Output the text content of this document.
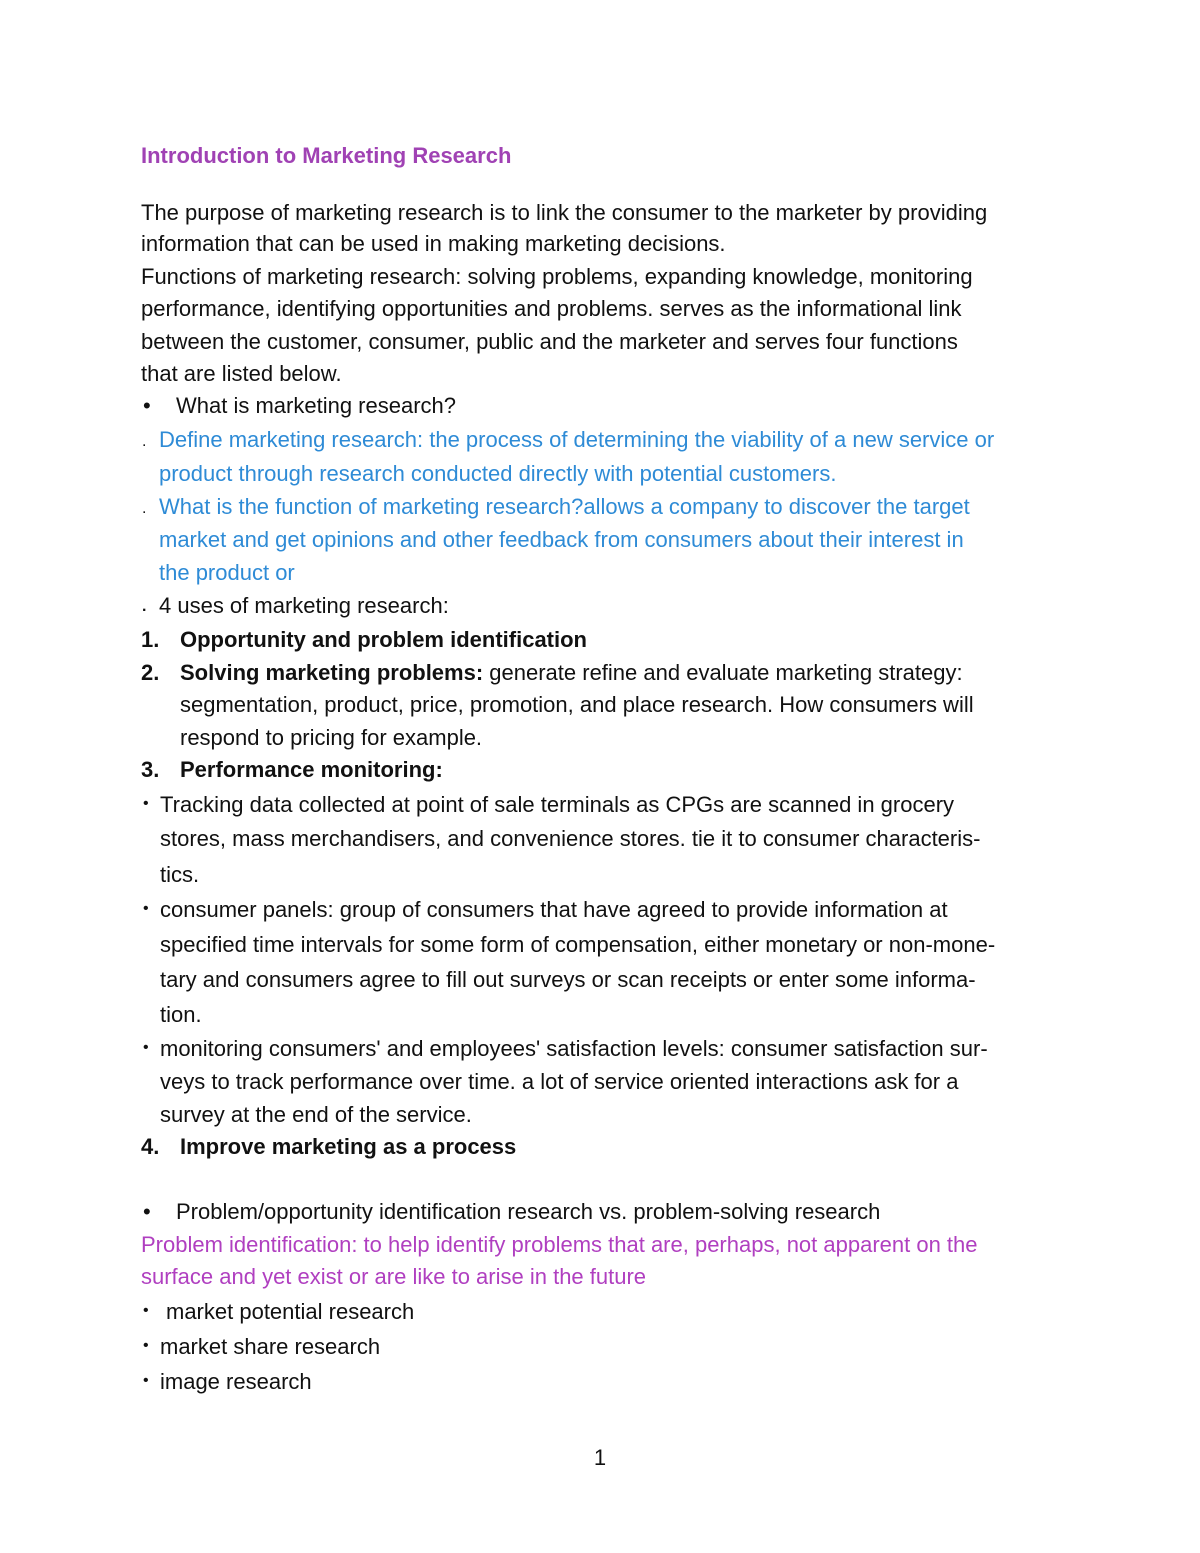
Introduction to Marketing Research
The purpose of marketing research is to link the consumer to the marketer by providing
information that can be used in making marketing decisions.
Functions of marketing research: solving problems, expanding knowledge, monitoring
performance, identifying opportunities and problems. serves as the informational link
between the customer, consumer, public and the marketer and serves four functions
that are listed below.
• What is marketing research?
. Define marketing research: the process of determining the viability of a new service or
product through research conducted directly with potential customers.
. What is the function of marketing research?allows a company to discover the target
market and get opinions and other feedback from consumers about their interest in
the product or
. 4 uses of marketing research:
1. Opportunity and problem identification
2. Solving marketing problems: generate refine and evaluate marketing strategy:
segmentation, product, price, promotion, and place research. How consumers will
respond to pricing for example.
3. Performance monitoring:
• Tracking data collected at point of sale terminals as CPGs are scanned in grocery
stores, mass merchandisers, and convenience stores. tie it to consumer characteris-
tics.
• consumer panels: group of consumers that have agreed to provide information at
specified time intervals for some form of compensation, either monetary or non-mone-
tary and consumers agree to fill out surveys or scan receipts or enter some informa-
tion.
• monitoring consumers' and employees' satisfaction levels: consumer satisfaction sur-
veys to track performance over time. a lot of service oriented interactions ask for a
survey at the end of the service.
4. Improve marketing as a process
• Problem/opportunity identification research vs. problem-solving research
Problem identification: to help identify problems that are, perhaps, not apparent on the
surface and yet exist or are like to arise in the future
• market potential research
• market share research
• image research
1
